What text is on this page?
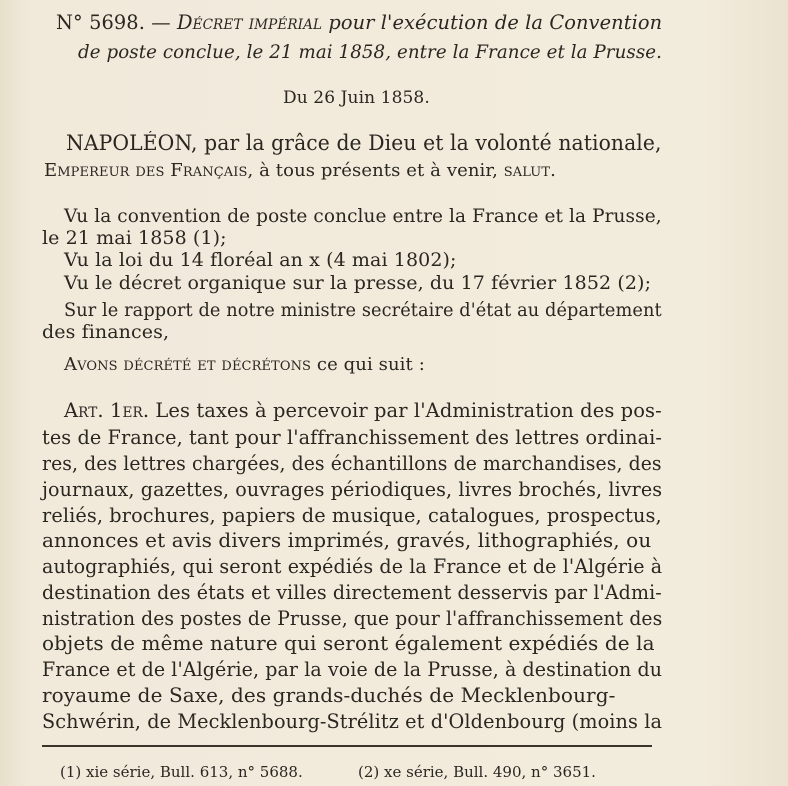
N° 5698. — Décret impérial pour l'exécution de la Convention
de poste conclue, le 21 mai 1858, entre la France et la Prusse.
Du 26 Juin 1858.
NAPOLÉON, par la grâce de Dieu et la volonté nationale,
Empereur des Français, à tous présents et à venir, salut.
Vu la convention de poste conclue entre la France et la Prusse,
le 21 mai 1858 (1);
Vu la loi du 14 floréal an x (4 mai 1802);
Vu le décret organique sur la presse, du 17 février 1852 (2);
Sur le rapport de notre ministre secrétaire d'état au département
des finances,
Avons décrété et décrétons ce qui suit :
Art. 1er. Les taxes à percevoir par l'Administration des pos-
tes de France, tant pour l'affranchissement des lettres ordinai-
res, des lettres chargées, des échantillons de marchandises, des
journaux, gazettes, ouvrages périodiques, livres brochés, livres
reliés, brochures, papiers de musique, catalogues, prospectus,
annonces et avis divers imprimés, gravés, lithographiés, ou
autographiés, qui seront expédiés de la France et de l'Algérie à
destination des états et villes directement desservis par l'Admi-
nistration des postes de Prusse, que pour l'affranchissement des
objets de même nature qui seront également expédiés de la
France et de l'Algérie, par la voie de la Prusse, à destination du
royaume de Saxe, des grands-duchés de Mecklenbourg-
Schwérin, de Mecklenbourg-Strélitz et d'Oldenbourg (moins la
(1) xie série, Bull. 613, n° 5688.	(2) xe série, Bull. 490, n° 3651.
